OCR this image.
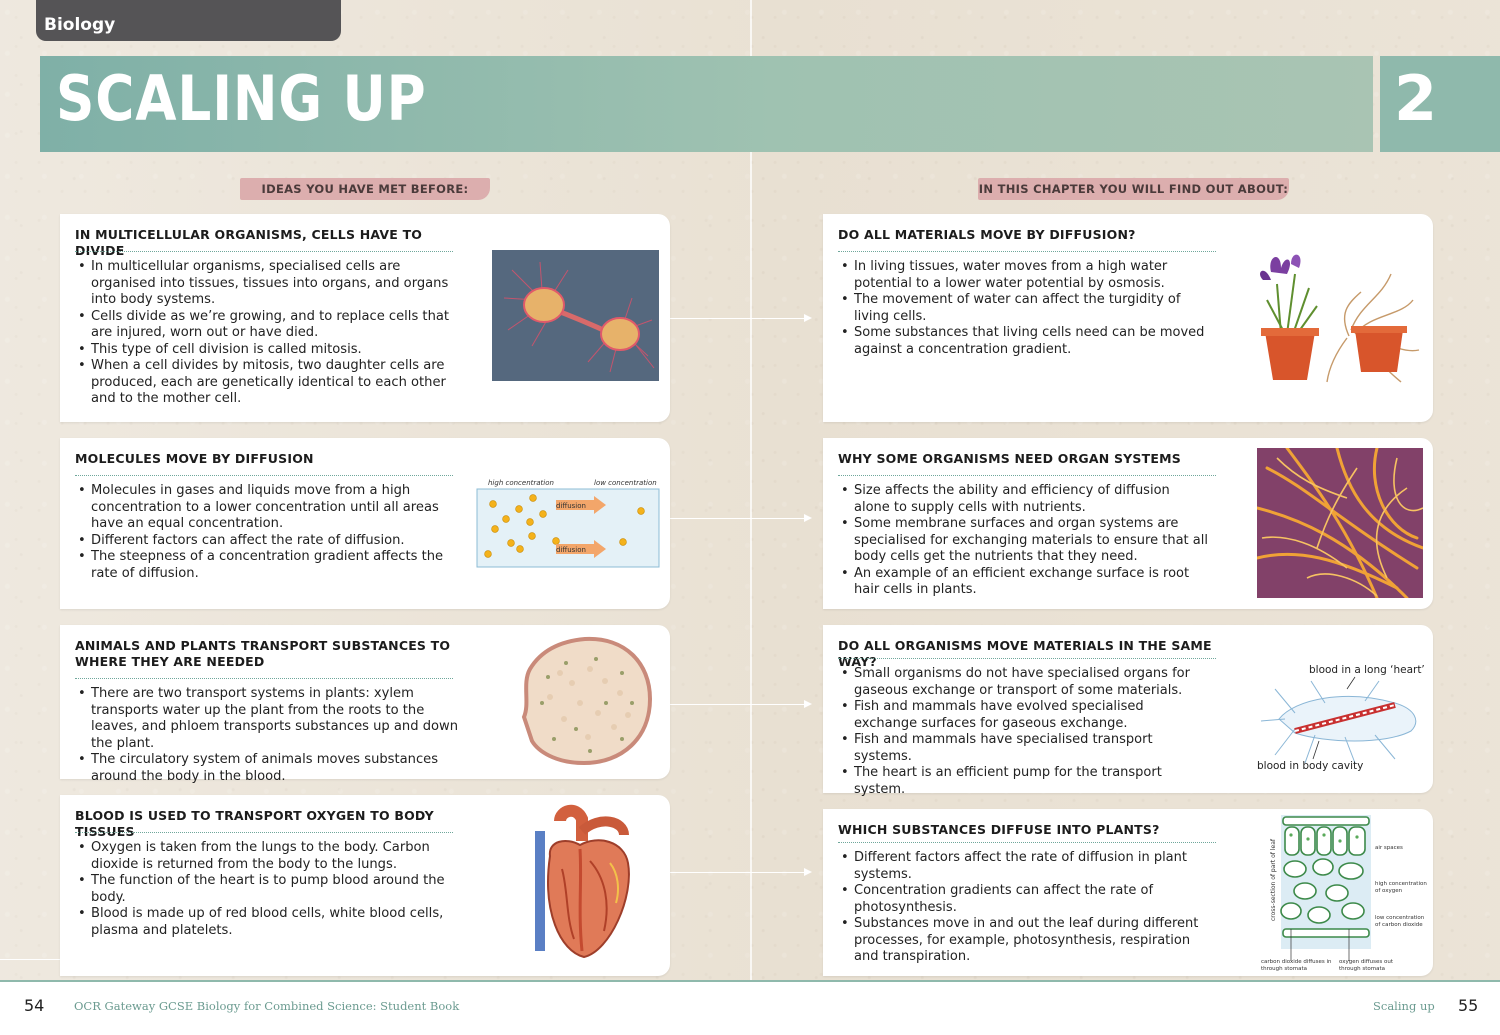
Biology
SCALING UP	2
IDEAS YOU HAVE MET BEFORE:	IN THIS CHAPTER YOU WILL FIND OUT ABOUT:
IN MULTICELLULAR ORGANISMS, CELLS HAVE TO DIVIDE
• In multicellular organisms, specialised cells are organised into tissues, tissues into organs, and organs into body systems.
• Cells divide as we’re growing, and to replace cells that are injured, worn out or have died.
• This type of cell division is called mitosis.
• When a cell divides by mitosis, two daughter cells are produced, each are genetically identical to each other and to the mother cell.
MOLECULES MOVE BY DIFFUSION
• Molecules in gases and liquids move from a high concentration to a lower concentration until all areas have an equal concentration.
• Different factors can affect the rate of diffusion.
• The steepness of a concentration gradient affects the rate of diffusion.
high concentration	low concentration
diffusion
diffusion
ANIMALS AND PLANTS TRANSPORT SUBSTANCES TO WHERE THEY ARE NEEDED
• There are two transport systems in plants: xylem transports water up the plant from the roots to the leaves, and phloem transports substances up and down the plant.
• The circulatory system of animals moves substances around the body in the blood.
BLOOD IS USED TO TRANSPORT OXYGEN TO BODY TISSUES
• Oxygen is taken from the lungs to the body. Carbon dioxide is returned from the body to the lungs.
• The function of the heart is to pump blood around the body.
• Blood is made up of red blood cells, white blood cells, plasma and platelets.
DO ALL MATERIALS MOVE BY DIFFUSION?
• In living tissues, water moves from a high water potential to a lower water potential by osmosis.
• The movement of water can affect the turgidity of living cells.
• Some substances that living cells need can be moved against a concentration gradient.
WHY SOME ORGANISMS NEED ORGAN SYSTEMS
• Size affects the ability and efficiency of diffusion alone to supply cells with nutrients.
• Some membrane surfaces and organ systems are specialised for exchanging materials to ensure that all body cells get the nutrients that they need.
• An example of an efficient exchange surface is root hair cells in plants.
DO ALL ORGANISMS MOVE MATERIALS IN THE SAME WAY?
• Small organisms do not have specialised organs for gaseous exchange or transport of some materials.
• Fish and mammals have evolved specialised exchange surfaces for gaseous exchange.
• Fish and mammals have specialised transport systems.
• The heart is an efficient pump for the transport system.
blood in a long ‘heart’
blood in body cavity
WHICH SUBSTANCES DIFFUSE INTO PLANTS?
• Different factors affect the rate of diffusion in plant systems.
• Concentration gradients can affect the rate of photosynthesis.
• Substances move in and out the leaf during different processes, for example, photosynthesis, respiration and transpiration.
cross-section of part of leaf	air spaces
high concentration of oxygen
low concentration of carbon dioxide
carbon dioxide diffuses in through stomata
oxygen diffuses out through stomata
54	OCR Gateway GCSE Biology for Combined Science: Student Book	Scaling up 55
